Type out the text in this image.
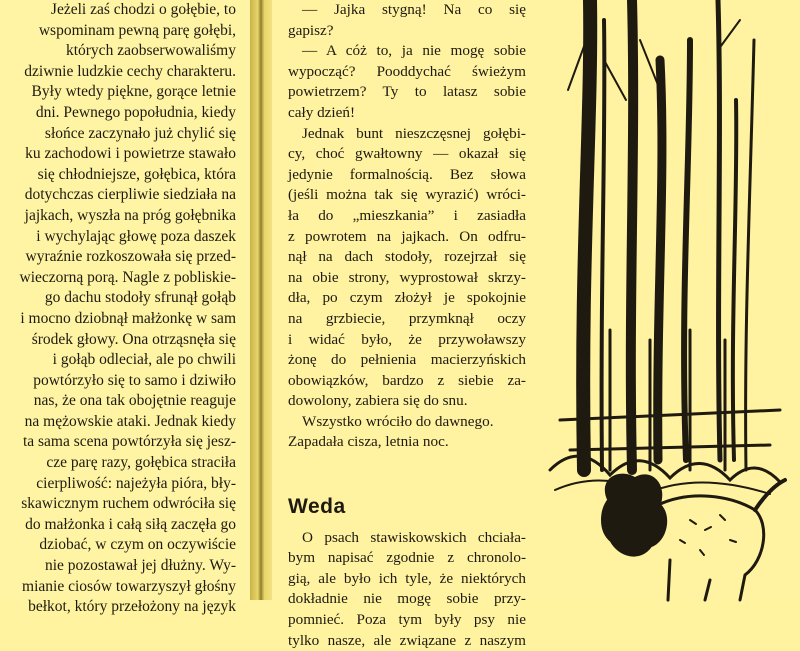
Jeżeli zaś chodzi o gołębie, to
wspominam pewną parę gołębi,
których zaobserwowaliśmy
dziwnie ludzkie cechy charakteru.
Były wtedy piękne, gorące letnie
dni. Pewnego popołudnia, kiedy
słońce zaczynało już chylić się
ku zachodowi i powietrze stawało
się chłodniejsze, gołębica, która
dotychczas cierpliwie siedziała na
jajkach, wyszła na próg gołębnika
i wychylając głowę poza daszek
wyraźnie rozkoszowała się przed-
wieczorną porą. Nagle z pobliskie-
go dachu stodoły sfrunął gołąb
i mocno dziobnął małżonkę w sam
środek głowy. Ona otrząsnęła się
i gołąb odleciał, ale po chwili
powtórzyło się to samo i dziwiło
nas, że ona tak obojętnie reaguje
na mężowskie ataki. Jednak kiedy
ta sama scena powtórzyła się jesz-
cze parę razy, gołębica straciła
cierpliwość: najeżyła pióra, bły-
skawicznym ruchem odwróciła się
do małżonka i całą siłą zaczęła go
dziobać, w czym on oczywiście
nie pozostawał jej dłużny. Wy-
mianie ciosów towarzyszył głośny
bełkot, który przełożony na język
— Jajka stygną! Na co się
gapisz?
— A cóż to, ja nie mogę sobie
wypocząć? Pooddychać świeżym
powietrzem? Ty to latasz sobie
cały dzień!
Jednak bunt nieszczęsnej gołębi-
cy, choć gwałtowny — okazał się
jedynie formalnością. Bez słowa
(jeśli można tak się wyrazić) wróci-
ła do „mieszkania” i zasiadła
z powrotem na jajkach. On odfru-
nął na dach stodoły, rozejrzał się
na obie strony, wyprostował skrzy-
dła, po czym złożył je spokojnie
na grzbiecie, przymknął oczy
i widać było, że przywoławszy
żonę do pełnienia macierzyńskich
obowiązków, bardzo z siebie za-
dowolony, zabiera się do snu.
Wszystko wróciło do dawnego.
Zapadała cisza, letnia noc.
Weda
O psach stawiskowskich chciała-
bym napisać zgodnie z chronolo-
gią, ale było ich tyle, że niektórych
dokładnie nie mogę sobie przy-
pomnieć. Poza tym były psy nie
tylko nasze, ale związane z naszym
